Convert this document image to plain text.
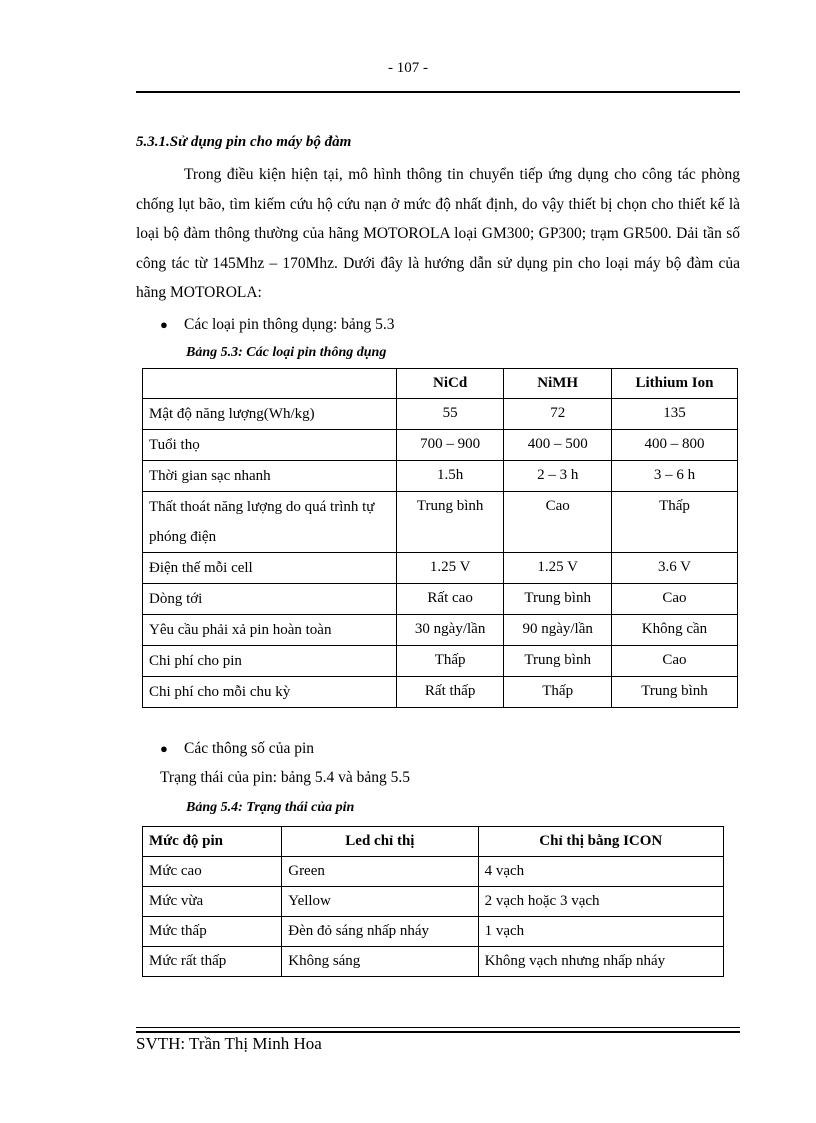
- 107 -
5.3.1.Sử dụng pin cho máy bộ đàm
Trong điều kiện hiện tại, mô hình thông tin chuyển tiếp ứng dụng cho công tác phòng chống lụt bão, tìm kiếm cứu hộ cứu nạn ở mức độ nhất định, do vậy thiết bị chọn cho thiết kế là loại bộ đàm thông thường của hãng MOTOROLA loại GM300; GP300; trạm GR500. Dải tần số công tác từ 145Mhz – 170Mhz. Dưới đây là hướng dẫn sử dụng pin cho loại máy bộ đàm của hãng MOTOROLA:
● Các loại pin thông dụng: bảng 5.3
Bảng 5.3: Các loại pin thông dụng
	NiCd	NiMH	Lithium Ion
Mật độ năng lượng(Wh/kg)	55	72	135
Tuổi thọ	700 – 900	400 – 500	400 – 800
Thời gian sạc nhanh	1.5h	2 – 3 h	3 – 6 h
Thất thoát năng lượng do quá trình tự phóng điện	Trung bình	Cao	Thấp
Điện thế mỗi cell	1.25 V	1.25 V	3.6 V
Dòng tới	Rất cao	Trung bình	Cao
Yêu cầu phải xả pin hoàn toàn	30 ngày/lần	90 ngày/lần	Không cần
Chi phí cho pin	Thấp	Trung bình	Cao
Chi phí cho mỗi chu kỳ	Rất thấp	Thấp	Trung bình
● Các thông số của pin
Trạng thái của pin: bảng 5.4 và bảng 5.5
Bảng 5.4: Trạng thái của pin
Mức độ pin	Led chỉ thị	Chỉ thị bằng ICON
Mức cao	Green	4 vạch
Mức vừa	Yellow	2 vạch hoặc 3 vạch
Mức thấp	Đèn đỏ sáng nhấp nháy	1 vạch
Mức rất thấp	Không sáng	Không vạch nhưng nhấp nháy
SVTH: Trần Thị Minh Hoa
